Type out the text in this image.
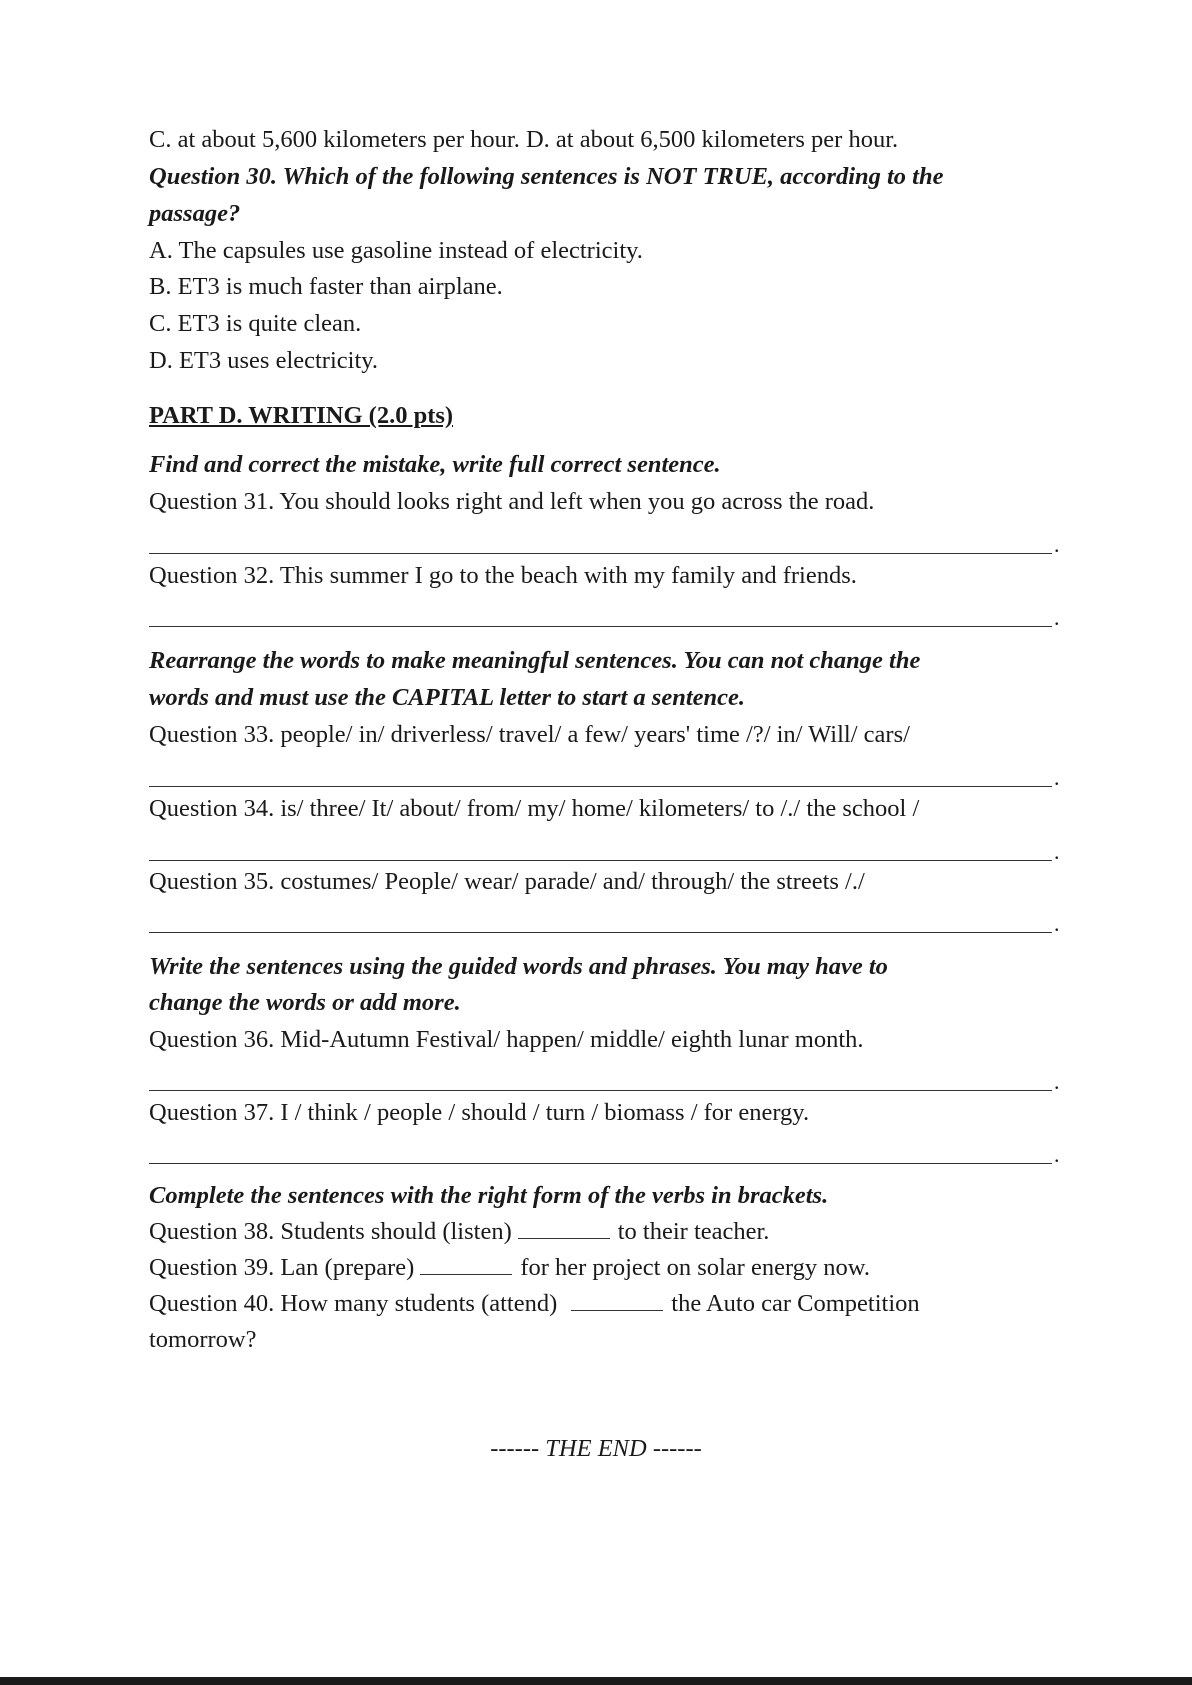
C. at about 5,600 kilometers per hour. D. at about 6,500 kilometers per hour.

Question 30. Which of the following sentences is NOT TRUE, according to the

passage?

A. The capsules use gasoline instead of electricity.

B. ET3 is much faster than airplane.

C. ET3 is quite clean.

D. ET3 uses electricity.

PART D. WRITING (2.0 pts)

Find and correct the mistake, write full correct sentence.

Question 31. You should looks right and left when you go across the road.

.

Question 32. This summer I go to the beach with my family and friends.

.

Rearrange the words to make meaningful sentences. You can not change the

words and must use the CAPITAL letter to start a sentence.

Question 33. people/ in/ driverless/ travel/ a few/ years' time /?/ in/ Will/ cars/

.

Question 34. is/ three/ It/ about/ from/ my/ home/ kilometers/ to /./ the school /

.

Question 35. costumes/ People/ wear/ parade/ and/ through/ the streets /./

.

Write the sentences using the guided words and phrases. You may have to

change the words or add more.

Question 36. Mid-Autumn Festival/ happen/ middle/ eighth lunar month.

.

Question 37. I / think / people / should / turn / biomass / for energy.

.

Complete the sentences with the right form of the verbs in brackets.

Question 38. Students should (listen)	to their teacher.

Question 39. Lan (prepare)	for her project on solar energy now.

Question 40. How many students (attend)	the Auto car Competition

tomorrow?

------ THE END ------
